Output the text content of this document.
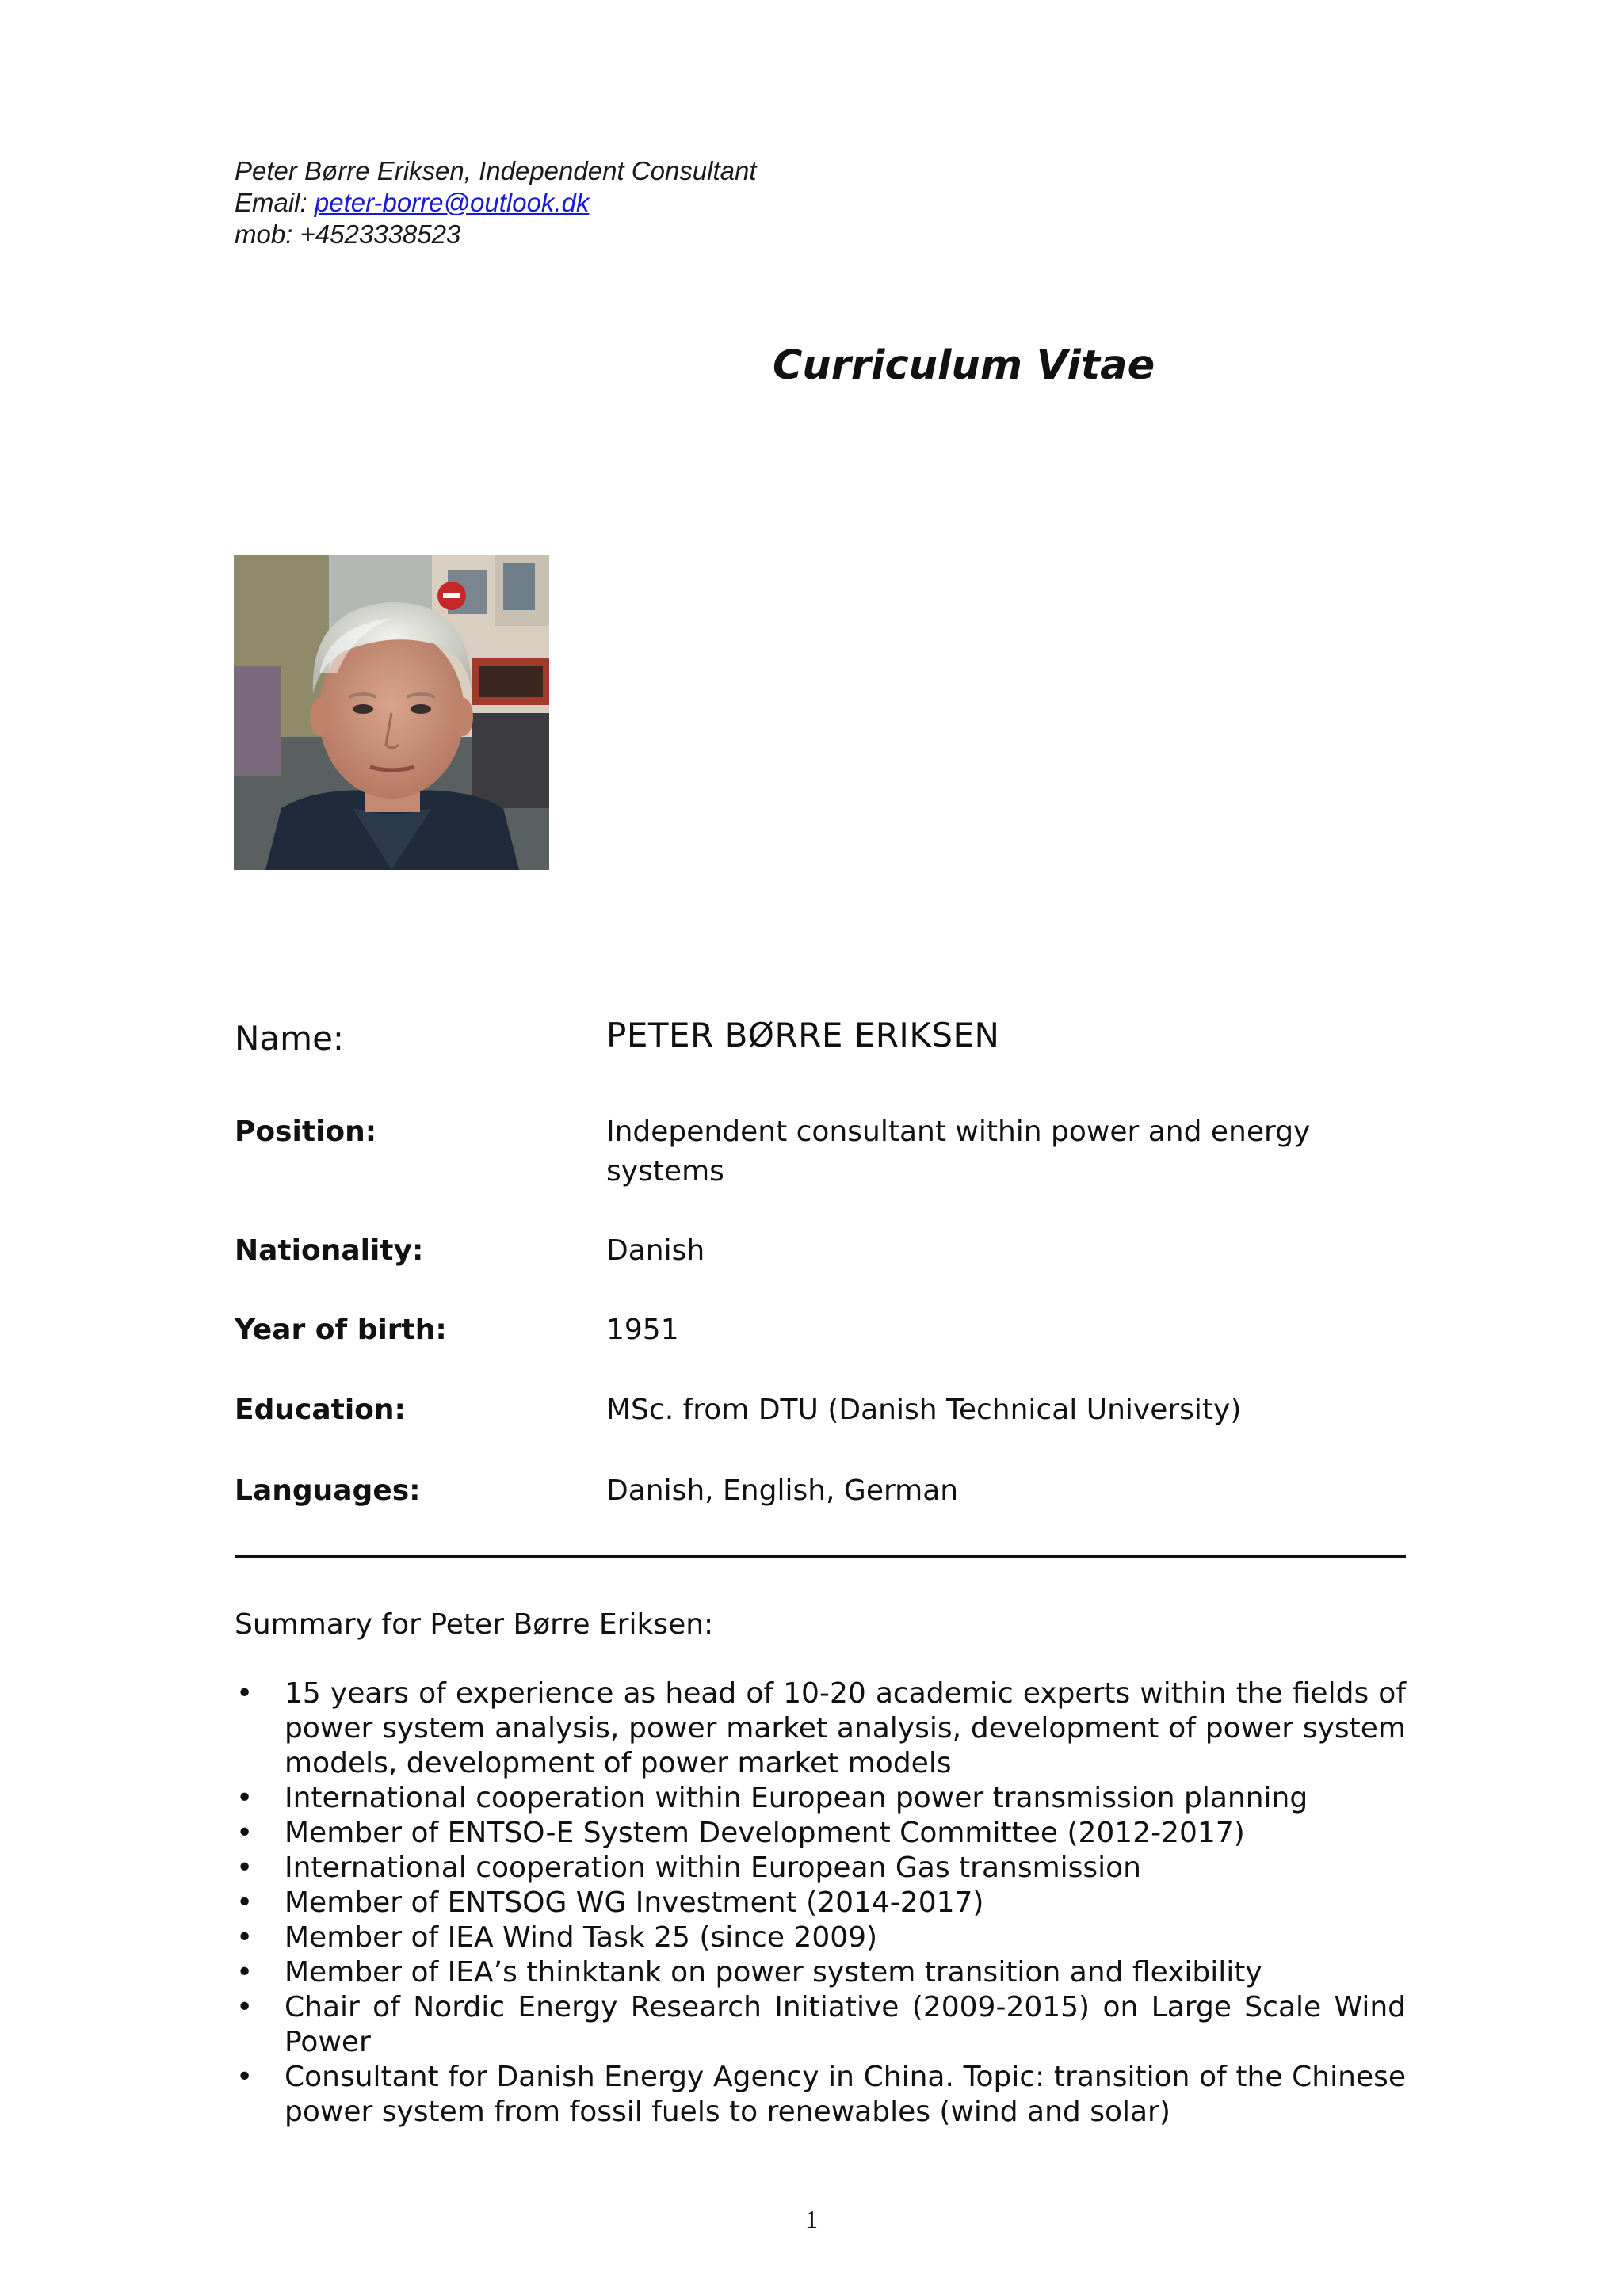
Peter Børre Eriksen, Independent Consultant
Email: peter-borre@outlook.dk
mob: +4523338523
Curriculum Vitae
Name:	PETER BØRRE ERIKSEN
Position:	Independent consultant within power and energy systems
Nationality:	Danish
Year of birth:	1951
Education:	MSc. from DTU (Danish Technical University)
Languages:	Danish, English, German
Summary for Peter Børre Eriksen:
• 15 years of experience as head of 10-20 academic experts within the fields of power system analysis, power market analysis, development of power system models, development of power market models
• International cooperation within European power transmission planning
• Member of ENTSO-E System Development Committee (2012-2017)
• International cooperation within European Gas transmission
• Member of ENTSOG WG Investment (2014-2017)
• Member of IEA Wind Task 25 (since 2009)
• Member of IEA’s thinktank on power system transition and flexibility
• Chair of Nordic Energy Research Initiative (2009-2015) on Large Scale Wind Power
• Consultant for Danish Energy Agency in China. Topic: transition of the Chinese power system from fossil fuels to renewables (wind and solar)
1
